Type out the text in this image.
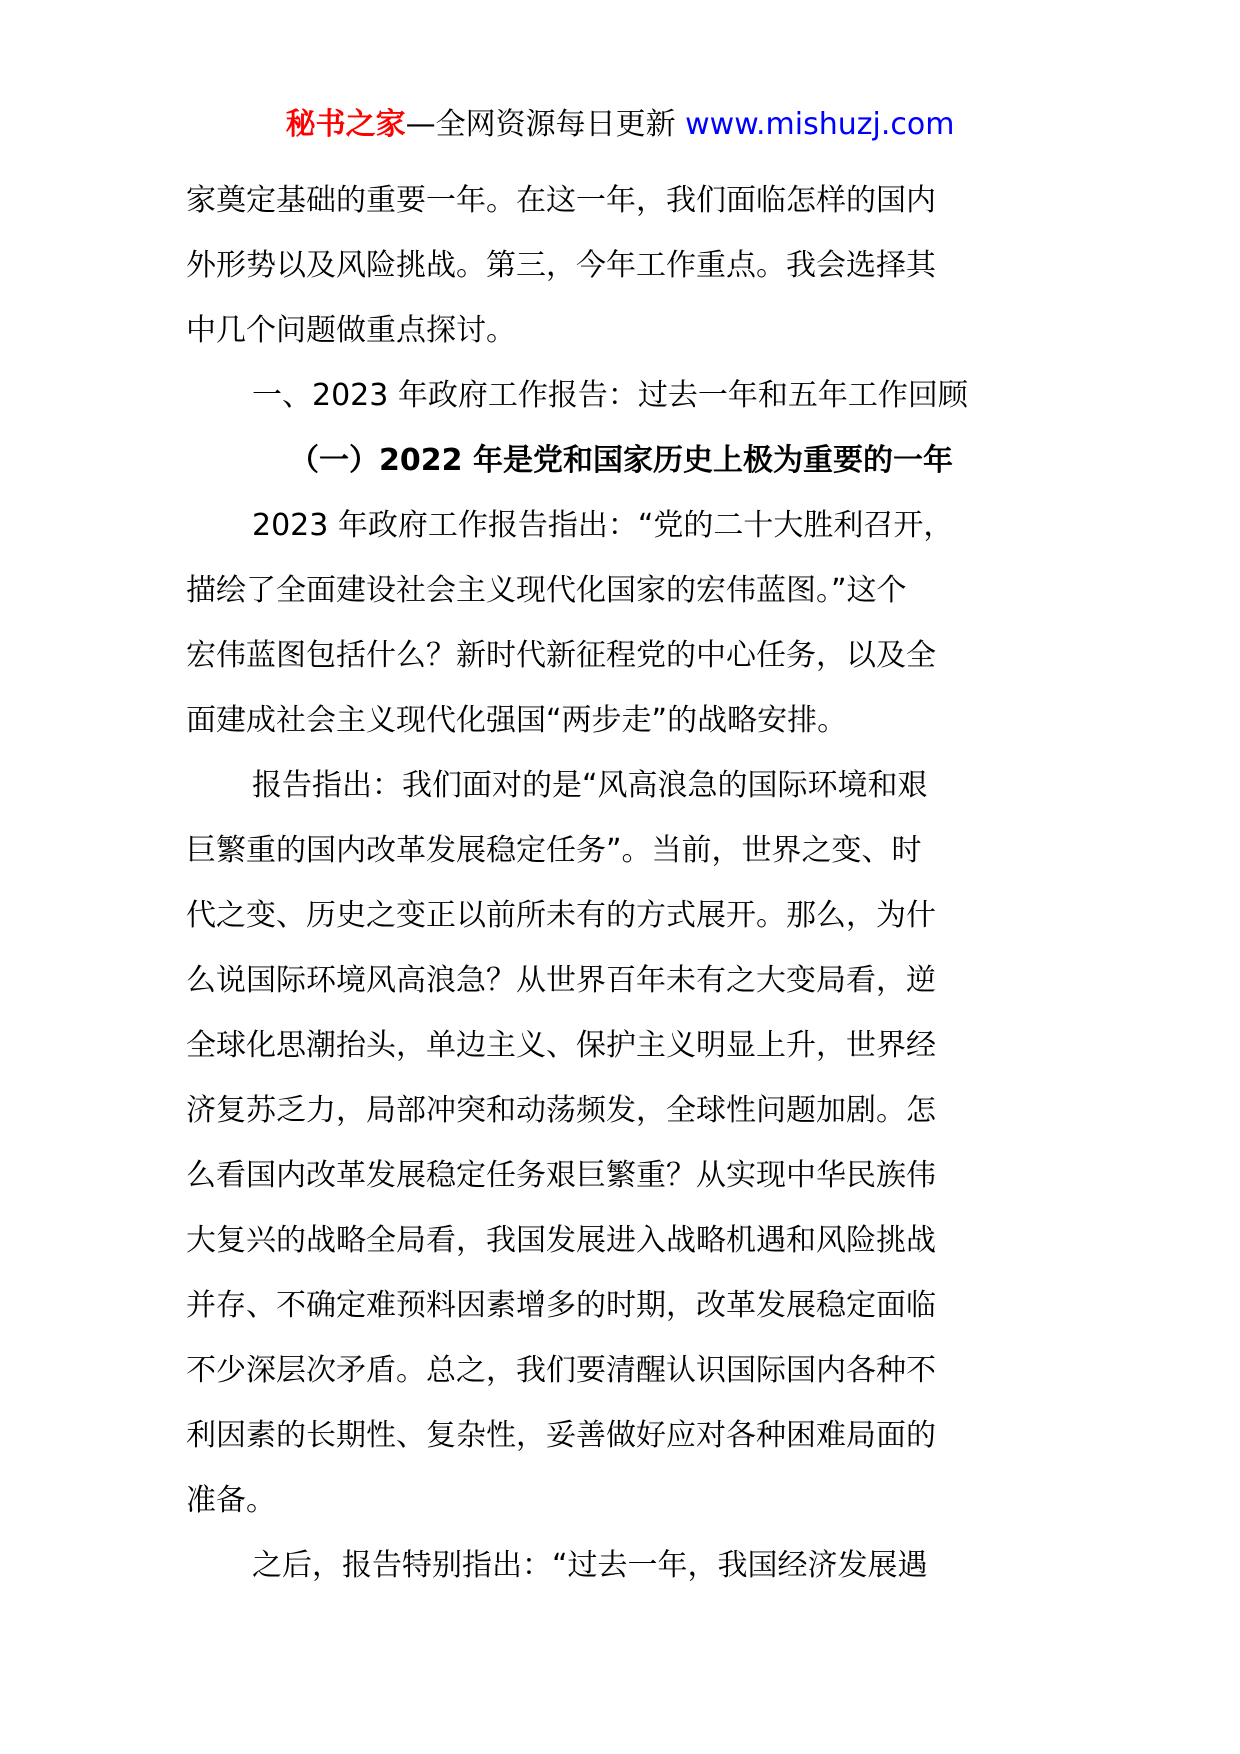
秘书之家—全网资源每日更新 www.mishuzj.com
家奠定基础的重要一年。在这一年，我们面临怎样的国内
外形势以及风险挑战。第三，今年工作重点。我会选择其
中几个问题做重点探讨。
一、2023 年政府工作报告：过去一年和五年工作回顾
（一）2022 年是党和国家历史上极为重要的一年
2023 年政府工作报告指出：“党的二十大胜利召开，
描绘了全面建设社会主义现代化国家的宏伟蓝图。”这个
宏伟蓝图包括什么？新时代新征程党的中心任务，以及全
面建成社会主义现代化强国“两步走”的战略安排。
报告指出：我们面对的是“风高浪急的国际环境和艰
巨繁重的国内改革发展稳定任务”。当前，世界之变、时
代之变、历史之变正以前所未有的方式展开。那么，为什
么说国际环境风高浪急？从世界百年未有之大变局看，逆
全球化思潮抬头，单边主义、保护主义明显上升，世界经
济复苏乏力，局部冲突和动荡频发，全球性问题加剧。怎
么看国内改革发展稳定任务艰巨繁重？从实现中华民族伟
大复兴的战略全局看，我国发展进入战略机遇和风险挑战
并存、不确定难预料因素增多的时期，改革发展稳定面临
不少深层次矛盾。总之，我们要清醒认识国际国内各种不
利因素的长期性、复杂性，妥善做好应对各种困难局面的
准备。
之后，报告特别指出：“过去一年，我国经济发展遇
